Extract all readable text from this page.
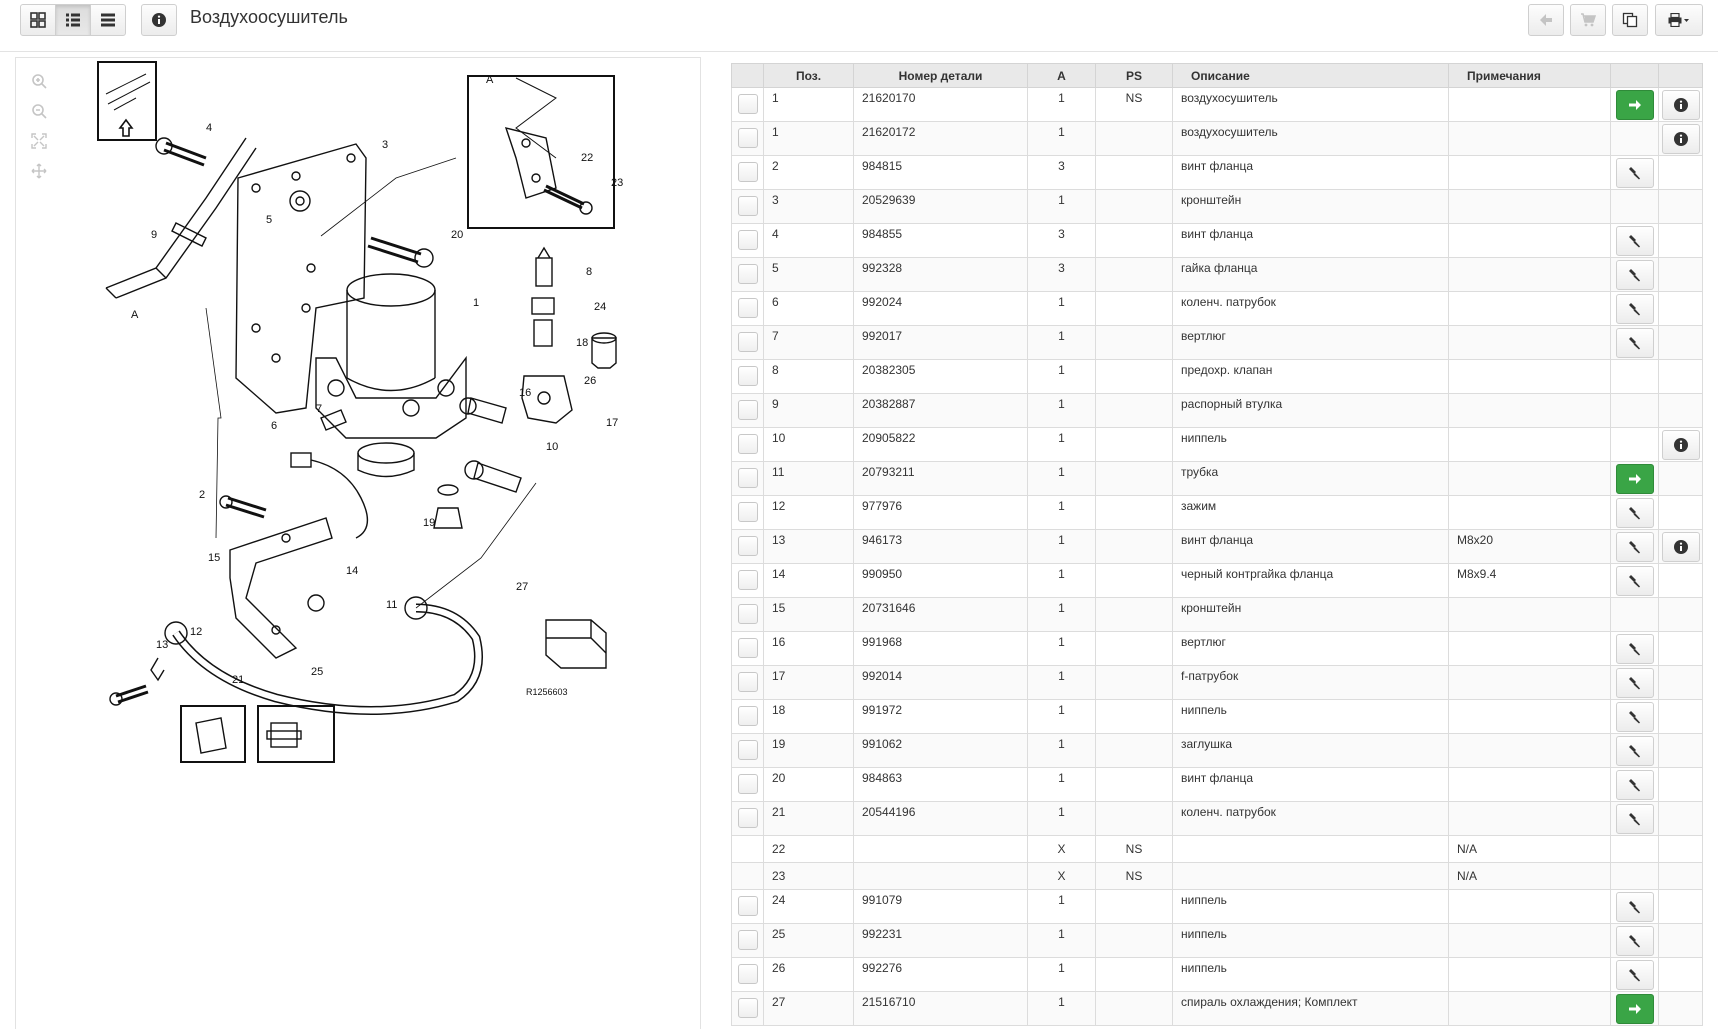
Воздухоосушитель
4
3
5
9	20
8
1
A
24
18
26
16
17
7
6
10
19
2
15
14
27
11
12
13
21
25
A
22
23
R1256603
	Поз.	Номер детали	A	PS	Описание	Примечания		

	1	21620170	1	NS	воздухосушитель		

	1	21620172	1		воздухосушитель			

	2	984815	3		винт фланца		

	3	20529639	1		кронштейн			

	4	984855	3		винт фланца		

	5	992328	3		гайка фланца		

	6	992024	1		коленч. патрубок		

	7	992017	1		вертлюг		

	8	20382305	1		предохр. клапан			

	9	20382887	1		распорный втулка			

	10	20905822	1		ниппель			

	11	20793211	1		трубка		

	12	977976	1		зажим		

	13	946173	1		винт фланца	M8x20	

	14	990950	1		черный контргайка фланца	M8x9.4	

	15	20731646	1		кронштейн			

	16	991968	1		вертлюг		

	17	992014	1		f-патрубок		

	18	991972	1		ниппель		

	19	991062	1		заглушка		

	20	984863	1		винт фланца		

	21	20544196	1		коленч. патрубок		

	22		X	NS		N/A		
	23		X	NS		N/A		

	24	991079	1		ниппель		

	25	992231	1		ниппель		

	26	992276	1		ниппель		

	27	21516710	1		спираль охлаждения; Комплект		
